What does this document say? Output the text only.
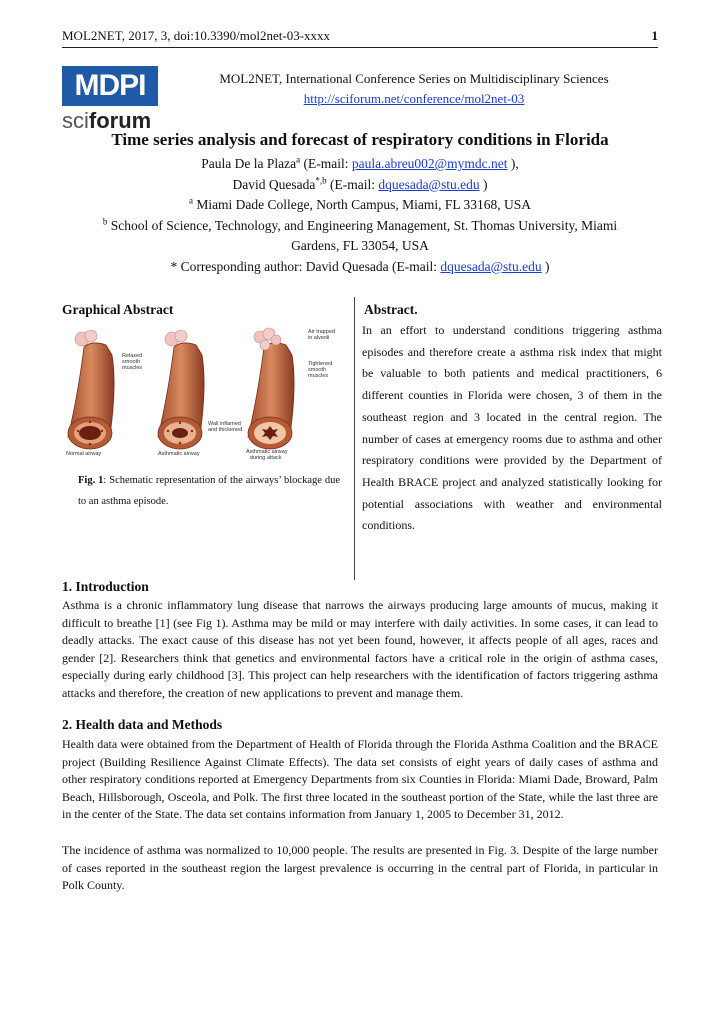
MOL2NET, 2017, 3, doi:10.3390/mol2net-03-xxxx	1
MDPI
sciforum
MOL2NET, International Conference Series on Multidisciplinary Sciences
http://sciforum.net/conference/mol2net-03
Time series analysis and forecast of respiratory conditions in Florida
Paula De la Plaza$^a$ (E-mail: paula.abreu002@mymdc.net ),
David Quesada$^{*,b}$ (E-mail: dquesada@stu.edu )
$^a$ Miami Dade College, North Campus, Miami, FL 33168, USA
$^b$ School of Science, Technology, and Engineering Management, St. Thomas University, Miami
Gardens, FL 33054, USA
* Corresponding author: David Quesada (E-mail: dquesada@stu.edu )
Graphical Abstract
Air trapped
in alveoli
Relaxed
smooth
muscles
Tightened
smooth
muscles
Wall inflamed
and thickened
Normal airway	Asthmatic airway	Asthmatic airway
during attack
Fig. 1: Schematic representation of the airways’ blockage due to an asthma episode.
Abstract.
In an effort to understand conditions triggering asthma episodes and therefore create a asthma risk index that might be valuable to both patients and medical practitioners, 6 different counties in Florida were chosen, 3 of them in the southeast region and 3 located in the central region. The number of cases at emergency rooms due to asthma and other respiratory conditions were provided by the Department of Health BRACE project and analyzed statistically looking for potential associations with weather and environmental conditions.
1. Introduction
Asthma is a chronic inflammatory lung disease that narrows the airways producing large amounts of mucus, making it difficult to breathe [1] (see Fig 1). Asthma may be mild or may interfere with daily activities. In some cases, it can lead to deadly attacks. The exact cause of this disease has not yet been found, however, it affects people of all ages, races and gender [2]. Researchers think that genetics and environmental factors have a critical role in the origin of asthma cases, especially during early childhood [3]. This project can help researchers with the identification of factors triggering asthma attacks and therefore, the creation of new applications to prevent and manage them.
2. Health data and Methods
Health data were obtained from the Department of Health of Florida through the Florida Asthma Coalition and the BRACE project (Building Resilience Against Climate Effects). The data set consists of eight years of daily cases of asthma and other respiratory conditions reported at Emergency Departments from six Counties in Florida: Miami Dade, Broward, Palm Beach, Hillsborough, Osceola, and Polk. The first three located in the southeast portion of the State, while the last three are in the center of the State. The data set contains information from January 1, 2005 to December 31, 2012.
The incidence of asthma was normalized to 10,000 people. The results are presented in Fig. 3. Despite of the large number of cases reported in the southeast region the largest prevalence is occurring in the central part of Florida, in particular in Polk County.
